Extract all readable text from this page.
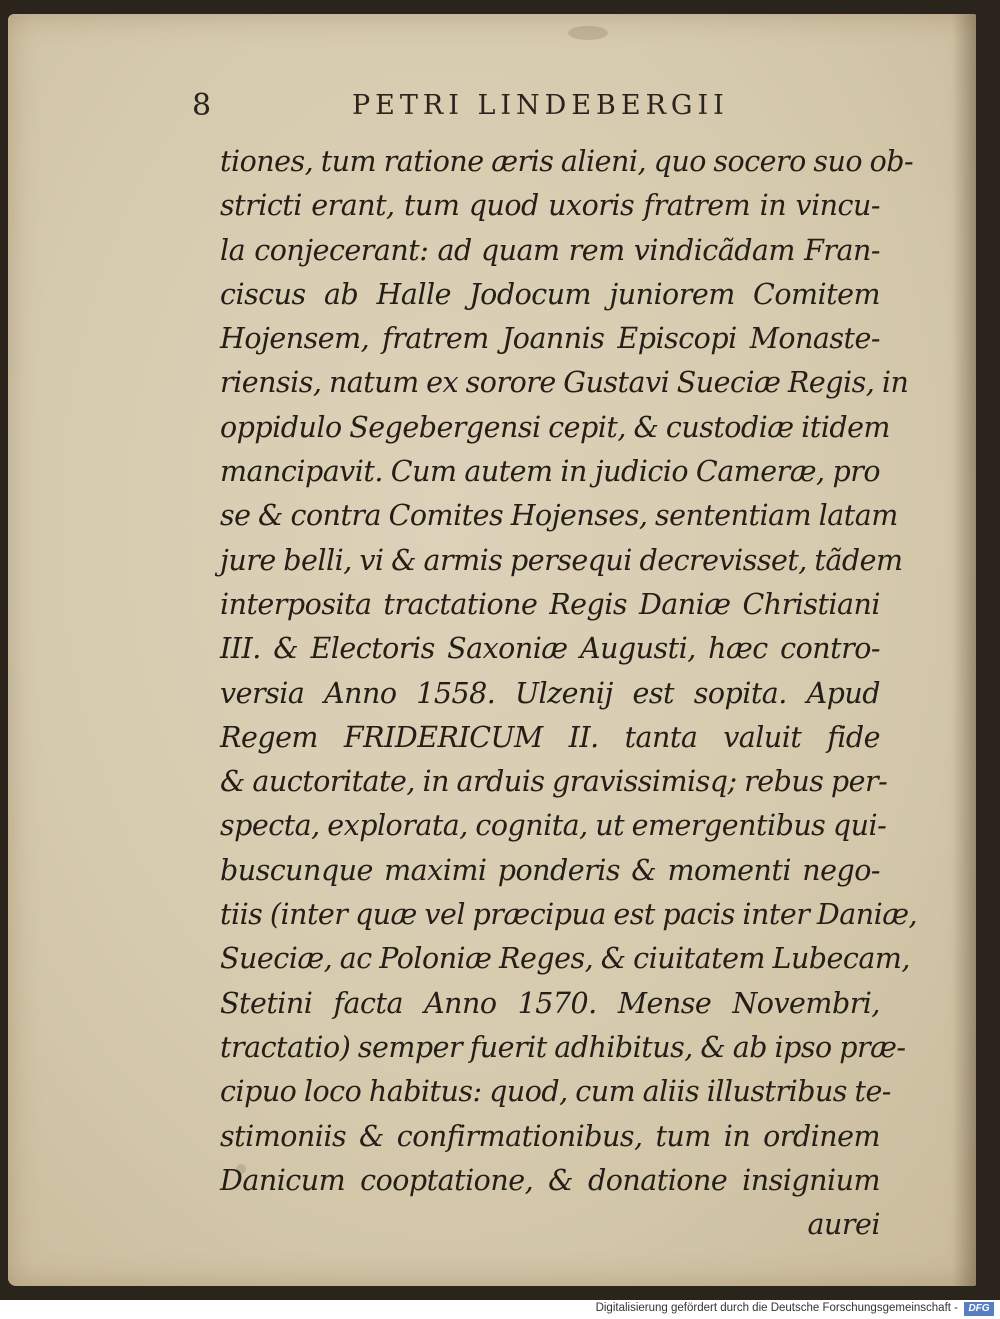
8	PETRI LINDEBERGII
tiones, tum ratione æris alieni, quo socero suo ob-
stricti erant, tum quod uxoris fratrem in vincu-
la conjecerant: ad quam rem vindicãdam Fran-
ciscus ab Halle Jodocum juniorem Comitem
Hojensem, fratrem Joannis Episcopi Monaste-
riensis, natum ex sorore Gustavi Sueciæ Regis, in
oppidulo Segebergensi cepit, & custodiæ itidem
mancipavit. Cum autem in judicio Cameræ, pro
se & contra Comites Hojenses, sententiam latam
jure belli, vi & armis persequi decrevisset, tãdem
interposita tractatione Regis Daniæ Christiani
III. & Electoris Saxoniæ Augusti, hæc contro-
versia Anno 1558. Ulzenij est sopita. Apud
Regem FRIDERICUM II. tanta valuit fide
& auctoritate, in arduis gravissimisq; rebus per-
specta, explorata, cognita, ut emergentibus qui-
buscunque maximi ponderis & momenti nego-
tiis (inter quæ vel præcipua est pacis inter Daniæ,
Sueciæ, ac Poloniæ Reges, & ciuitatem Lubecam,
Stetini facta Anno 1570. Mense Novembri,
tractatio) semper fuerit adhibitus, & ab ipso præ-
cipuo loco habitus: quod, cum aliis illustribus te-
stimoniis & confirmationibus, tum in ordinem
Danicum cooptatione, & donatione insignium
aurei
Digitalisierung gefördert durch die Deutsche Forschungsgemeinschaft -	DFG
